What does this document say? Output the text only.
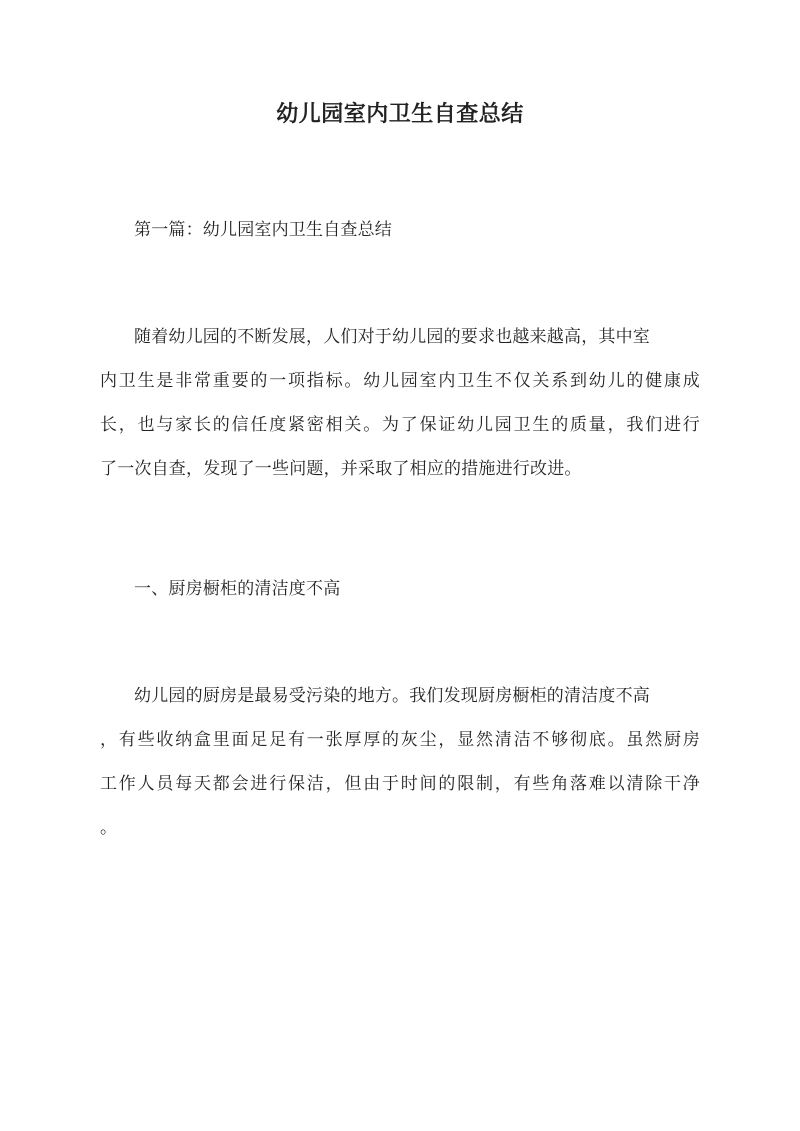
幼儿园室内卫生自查总结
第一篇：幼儿园室内卫生自查总结
随着幼儿园的不断发展，人们对于幼儿园的要求也越来越高，其中室
内卫生是非常重要的一项指标。幼儿园室内卫生不仅关系到幼儿的健康成
长，也与家长的信任度紧密相关。为了保证幼儿园卫生的质量，我们进行
了一次自查，发现了一些问题，并采取了相应的措施进行改进。
一、厨房橱柜的清洁度不高
幼儿园的厨房是最易受污染的地方。我们发现厨房橱柜的清洁度不高
，有些收纳盒里面足足有一张厚厚的灰尘，显然清洁不够彻底。虽然厨房
工作人员每天都会进行保洁，但由于时间的限制，有些角落难以清除干净
。
